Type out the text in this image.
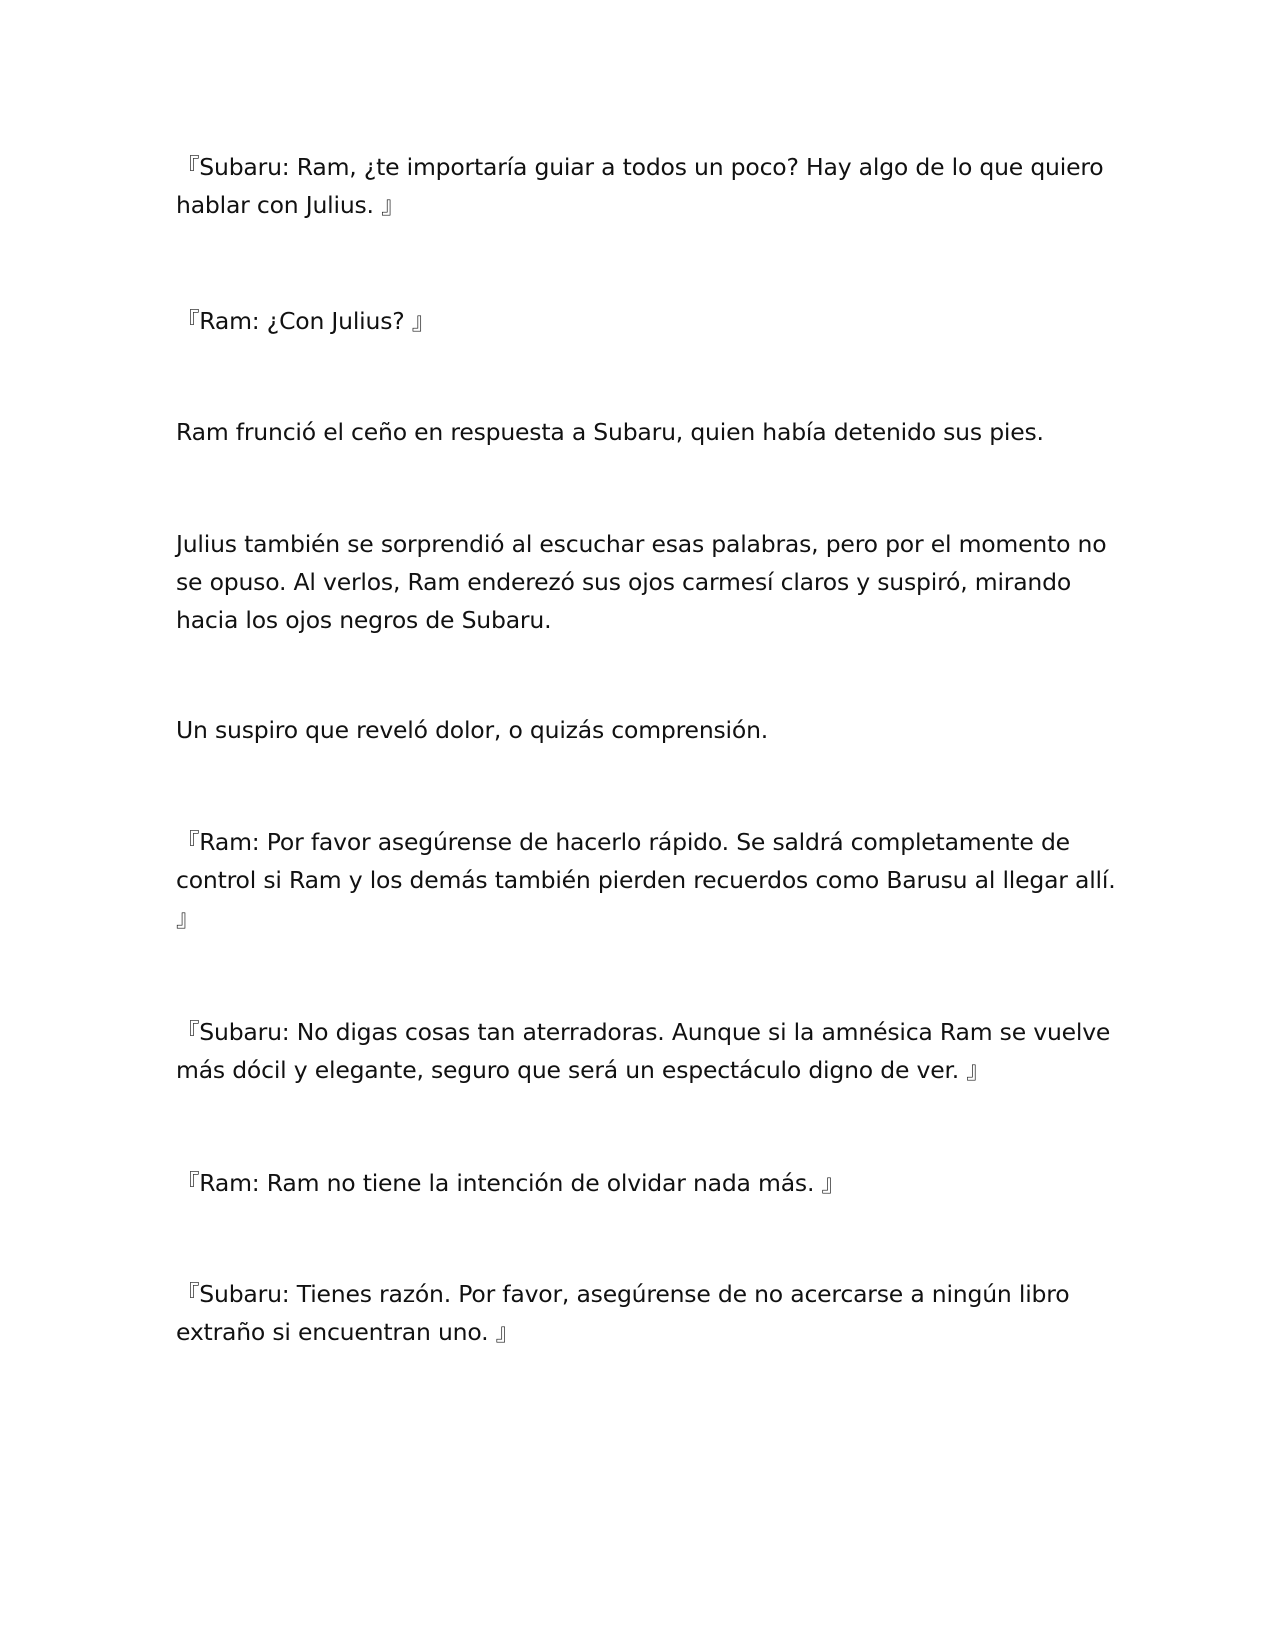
『Subaru: Ram, ¿te importaría guiar a todos un poco? Hay algo de lo que quiero hablar con Julius. 』

『Ram: ¿Con Julius? 』

Ram frunció el ceño en respuesta a Subaru, quien había detenido sus pies.

Julius también se sorprendió al escuchar esas palabras, pero por el momento no se opuso. Al verlos, Ram enderezó sus ojos carmesí claros y suspiró, mirando hacia los ojos negros de Subaru.

Un suspiro que reveló dolor, o quizás comprensión.

『Ram: Por favor asegúrense de hacerlo rápido. Se saldrá completamente de control si Ram y los demás también pierden recuerdos como Barusu al llegar allí. 』

『Subaru: No digas cosas tan aterradoras. Aunque si la amnésica Ram se vuelve más dócil y elegante, seguro que será un espectáculo digno de ver. 』

『Ram: Ram no tiene la intención de olvidar nada más. 』

『Subaru: Tienes razón. Por favor, asegúrense de no acercarse a ningún libro extraño si encuentran uno. 』
